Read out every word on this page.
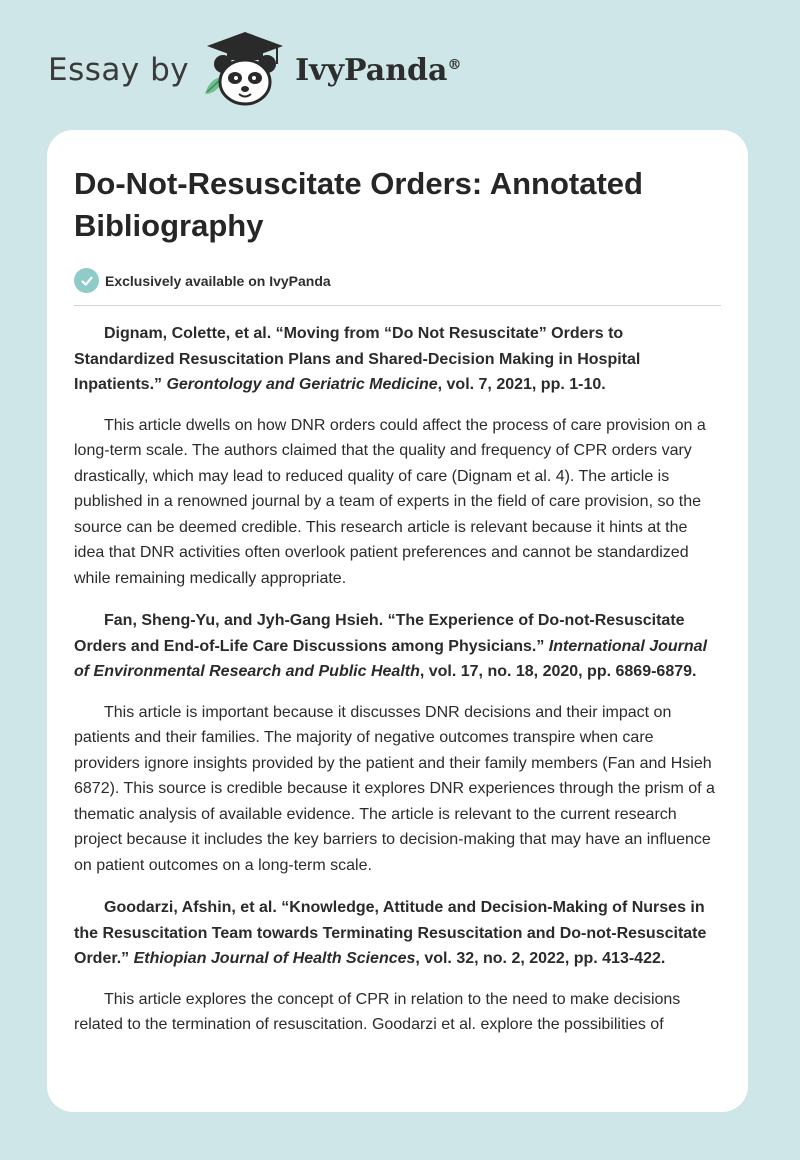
Essay by	IvyPanda®
Do-Not-Resuscitate Orders: Annotated Bibliography
Exclusively available on IvyPanda

Dignam, Colette, et al. “Moving from “Do Not Resuscitate” Orders to Standardized Resuscitation Plans and Shared-Decision Making in Hospital Inpatients.” Gerontology and Geriatric Medicine, vol. 7, 2021, pp. 1-10.

This article dwells on how DNR orders could affect the process of care provision on a long-term scale. The authors claimed that the quality and frequency of CPR orders vary drastically, which may lead to reduced quality of care (Dignam et al. 4). The article is published in a renowned journal by a team of experts in the field of care provision, so the source can be deemed credible. This research article is relevant because it hints at the idea that DNR activities often overlook patient preferences and cannot be standardized while remaining medically appropriate.

Fan, Sheng-Yu, and Jyh-Gang Hsieh. “The Experience of Do-not-Resuscitate Orders and End-of-Life Care Discussions among Physicians.” International Journal of Environmental Research and Public Health, vol. 17, no. 18, 2020, pp. 6869-6879.

This article is important because it discusses DNR decisions and their impact on patients and their families. The majority of negative outcomes transpire when care providers ignore insights provided by the patient and their family members (Fan and Hsieh 6872). This source is credible because it explores DNR experiences through the prism of a thematic analysis of available evidence. The article is relevant to the current research project because it includes the key barriers to decision-making that may have an influence on patient outcomes on a long-term scale.

Goodarzi, Afshin, et al. “Knowledge, Attitude and Decision-Making of Nurses in the Resuscitation Team towards Terminating Resuscitation and Do-not-Resuscitate Order.” Ethiopian Journal of Health Sciences, vol. 32, no. 2, 2022, pp. 413-422.

This article explores the concept of CPR in relation to the need to make decisions related to the termination of resuscitation. Goodarzi et al. explore the possibilities of
